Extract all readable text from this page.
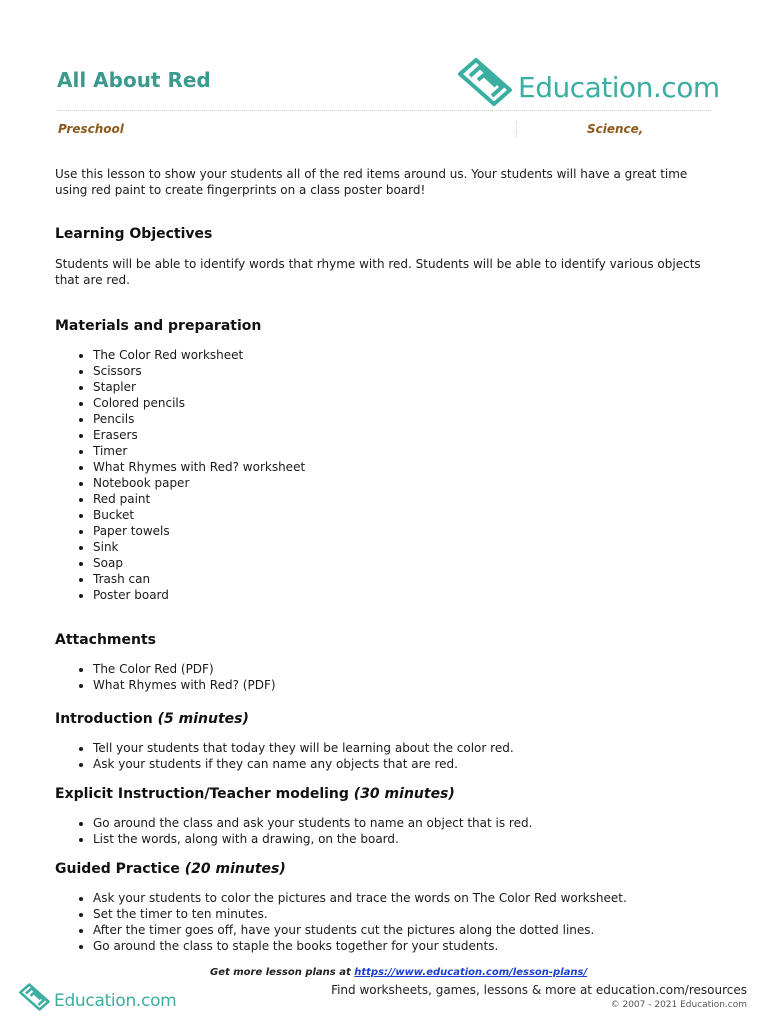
All About Red	Education.com
Preschool	Science,

Use this lesson to show your students all of the red items around us. Your students will have a great time using red paint to create fingerprints on a class poster board!

Learning Objectives

Students will be able to identify words that rhyme with red. Students will be able to identify various objects that are red.

Materials and preparation
• The Color Red worksheet
• Scissors
• Stapler
• Colored pencils
• Pencils
• Erasers
• Timer
• What Rhymes with Red? worksheet
• Notebook paper
• Red paint
• Bucket
• Paper towels
• Sink
• Soap
• Trash can
• Poster board
Attachments
• The Color Red (PDF)
• What Rhymes with Red? (PDF)
Introduction (5 minutes)
• Tell your students that today they will be learning about the color red.
• Ask your students if they can name any objects that are red.
Explicit Instruction/Teacher modeling (30 minutes)
• Go around the class and ask your students to name an object that is red.
• List the words, along with a drawing, on the board.
Guided Practice (20 minutes)
• Ask your students to color the pictures and trace the words on The Color Red worksheet.
• Set the timer to ten minutes.
• After the timer goes off, have your students cut the pictures along the dotted lines.
• Go around the class to staple the books together for your students.
Get more lesson plans at https://www.education.com/lesson-plans/
Education.com
Find worksheets, games, lessons & more at education.com/resources
© 2007 - 2021 Education.com
